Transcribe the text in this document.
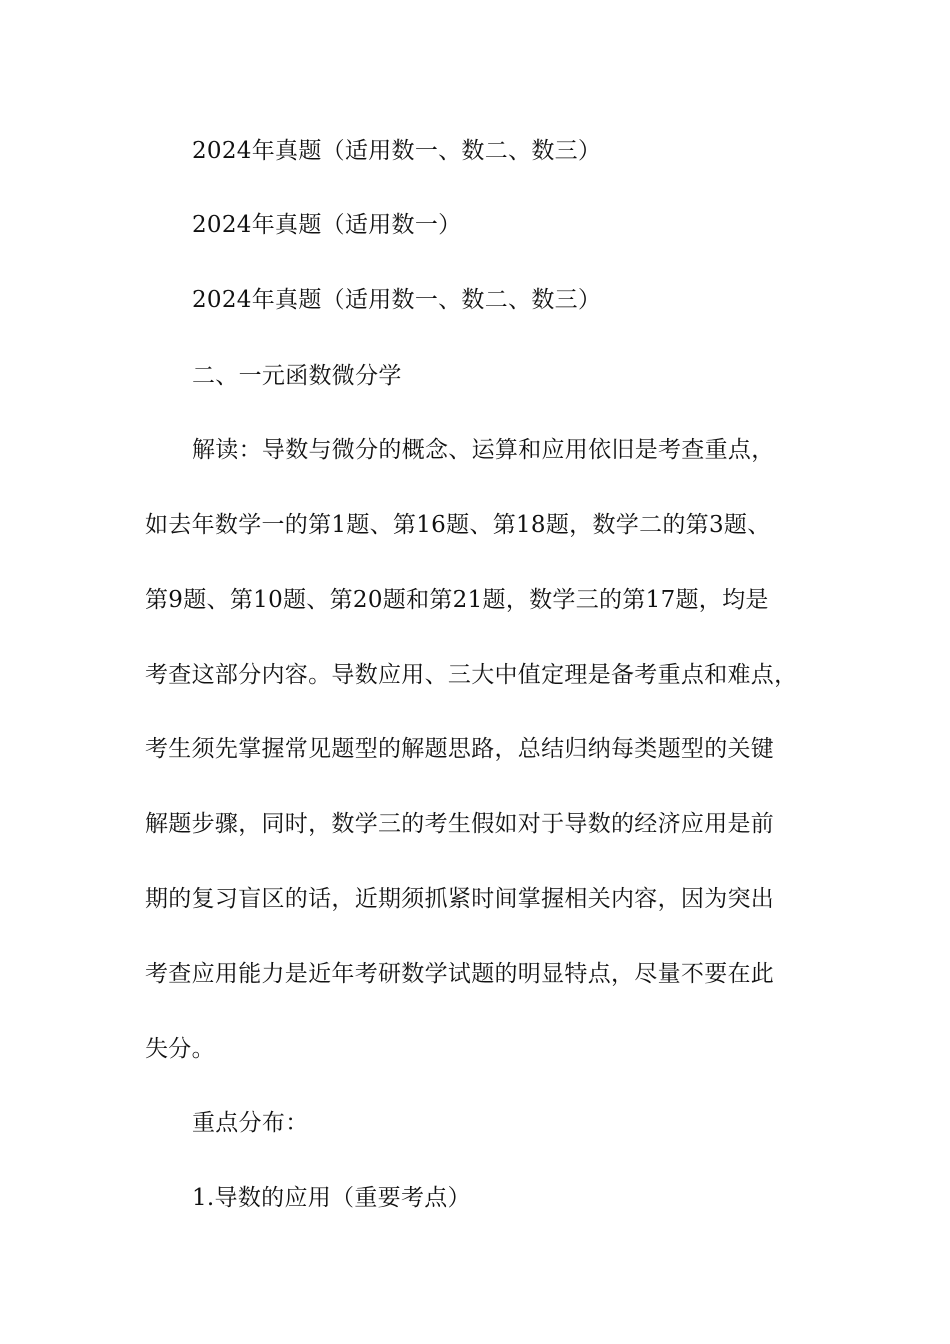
2024年真题（适用数一、数二、数三）
2024年真题（适用数一）
2024年真题（适用数一、数二、数三）
二、一元函数微分学
解读：导数与微分的概念、运算和应用依旧是考查重点，
如去年数学一的第1题、第16题、第18题，数学二的第3题、
第9题、第10题、第20题和第21题，数学三的第17题，均是
考查这部分内容。导数应用、三大中值定理是备考重点和难点，
考生须先掌握常见题型的解题思路，总结归纳每类题型的关键
解题步骤，同时，数学三的考生假如对于导数的经济应用是前
期的复习盲区的话，近期须抓紧时间掌握相关内容，因为突出
考查应用能力是近年考研数学试题的明显特点，尽量不要在此
失分。
重点分布：
1.导数的应用（重要考点）
